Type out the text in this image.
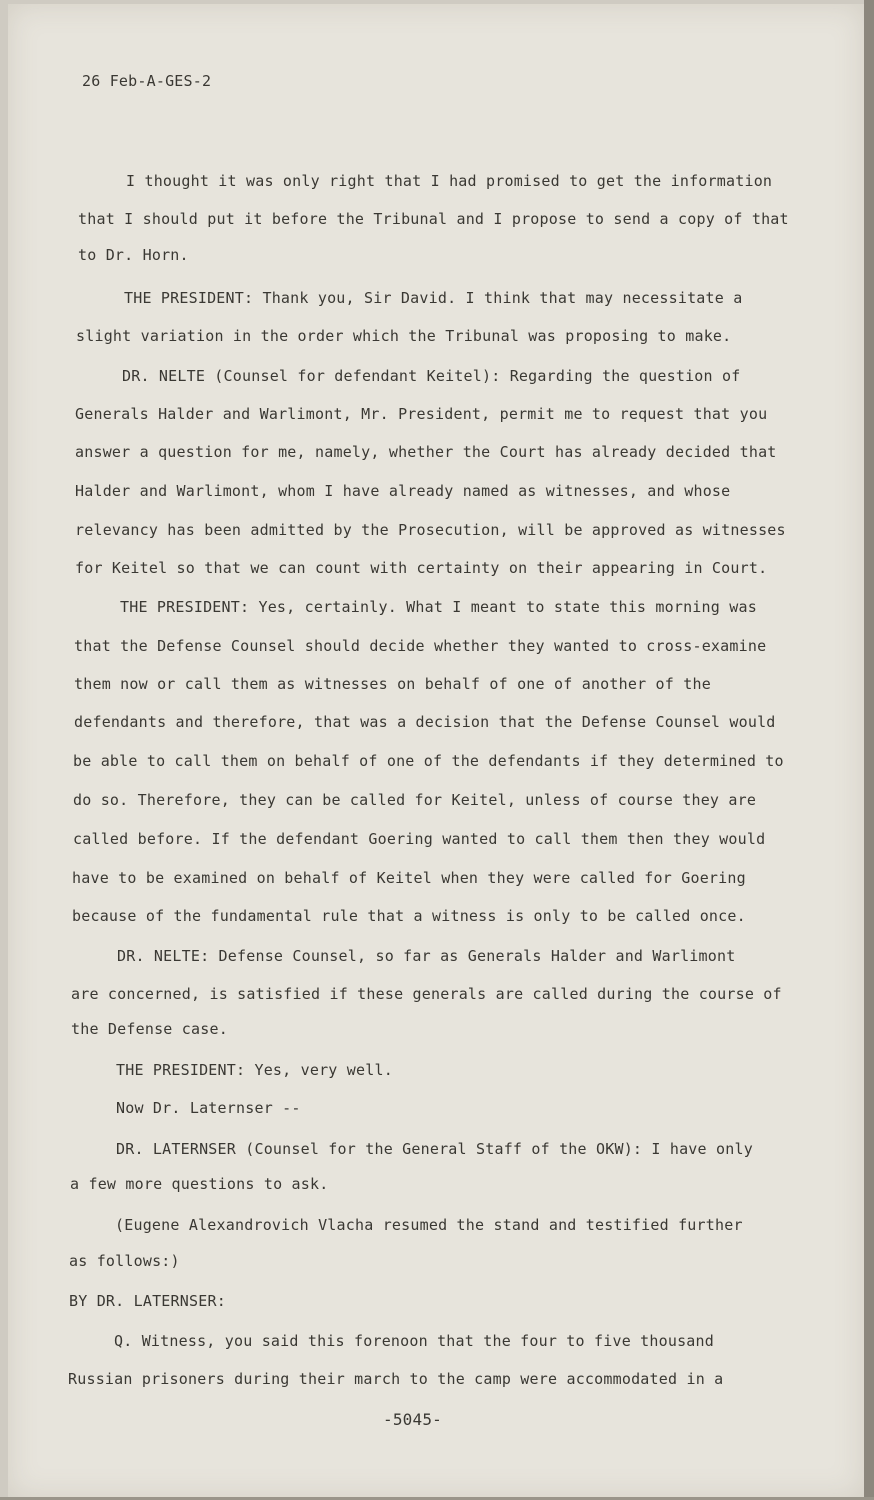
26 Feb-A-GES-2
I thought it was only right that I had promised to get the information
that I should put it before the Tribunal and I propose to send a copy of that
to Dr. Horn.
THE PRESIDENT: Thank you, Sir David. I think that may necessitate a
slight variation in the order which the Tribunal was proposing to make.
DR. NELTE (Counsel for defendant Keitel): Regarding the question of
Generals Halder and Warlimont, Mr. President, permit me to request that you
answer a question for me, namely, whether the Court has already decided that
Halder and Warlimont, whom I have already named as witnesses, and whose
relevancy has been admitted by the Prosecution, will be approved as witnesses
for Keitel so that we can count with certainty on their appearing in Court.
THE PRESIDENT: Yes, certainly. What I meant to state this morning was
that the Defense Counsel should decide whether they wanted to cross-examine
them now or call them as witnesses on behalf of one of another of the
defendants and therefore, that was a decision that the Defense Counsel would
be able to call them on behalf of one of the defendants if they determined to
do so. Therefore, they can be called for Keitel, unless of course they are
called before. If the defendant Goering wanted to call them then they would
have to be examined on behalf of Keitel when they were called for Goering
because of the fundamental rule that a witness is only to be called once.
DR. NELTE: Defense Counsel, so far as Generals Halder and Warlimont
are concerned, is satisfied if these generals are called during the course of
the Defense case.
THE PRESIDENT: Yes, very well.
Now Dr. Laternser --
DR. LATERNSER (Counsel for the General Staff of the OKW): I have only
a few more questions to ask.
(Eugene Alexandrovich Vlacha resumed the stand and testified further
as follows:)
BY DR. LATERNSER:
Q. Witness, you said this forenoon that the four to five thousand
Russian prisoners during their march to the camp were accommodated in a
-5045-
